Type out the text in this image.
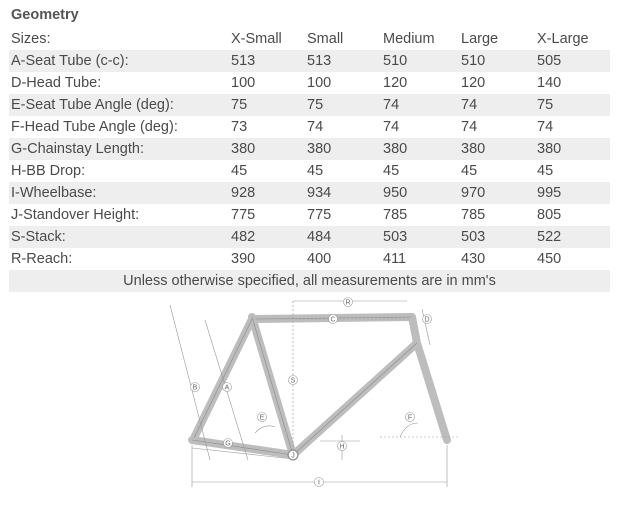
Geometry
Sizes:	X-Small	Small	Medium	Large	X-Large
A-Seat Tube (c-c):	513	513	510	510	505
D-Head Tube:	100	100	120	120	140
E-Seat Tube Angle (deg):	75	75	74	74	75
F-Head Tube Angle (deg):	73	74	74	74	74
G-Chainstay Length:	380	380	380	380	380
H-BB Drop:	45	45	45	45	45
I-Wheelbase:	928	934	950	970	995
J-Standover Height:	775	775	785	785	805
S-Stack:	482	484	503	503	522
R-Reach:	390	400	411	430	450
Unless otherwise specified, all measurements are in mm's
A
B
C	D
E	F
G	H
I
J
R
S
